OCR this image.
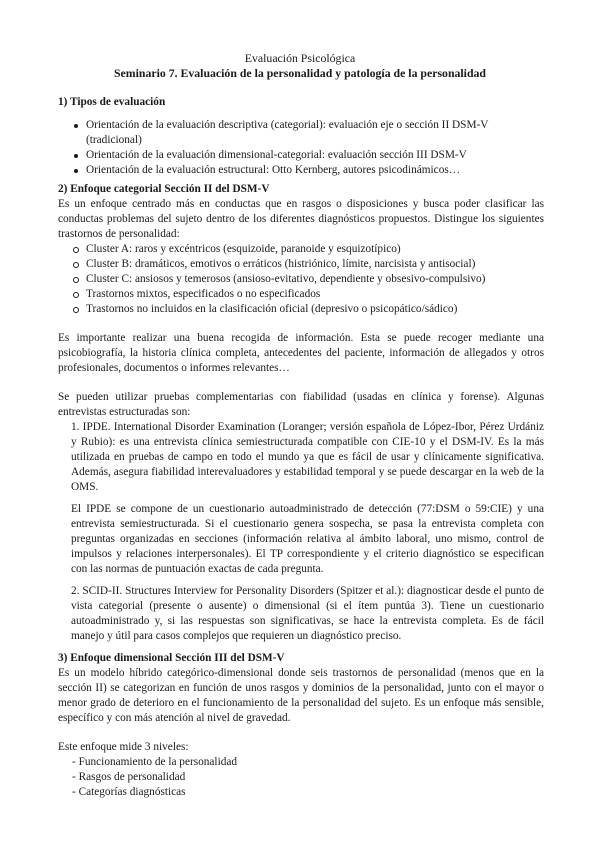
Evaluación Psicológica
Seminario 7. Evaluación de la personalidad y patología de la personalidad

1) Tipos de evaluación

Orientación de la evaluación descriptiva (categorial): evaluación eje o sección II DSM-V (tradicional)
Orientación de la evaluación dimensional-categorial: evaluación sección III DSM-V
Orientación de la evaluación estructural: Otto Kernberg, autores psicodinámicos…

2) Enfoque categorial Sección II del DSM-V

Es un enfoque centrado más en conductas que en rasgos o disposiciones y busca poder clasificar las conductas problemas del sujeto dentro de los diferentes diagnósticos propuestos. Distingue los siguientes trastornos de personalidad:

Cluster A: raros y excéntricos (esquizoide, paranoide y esquizotípico)
Cluster B: dramáticos, emotivos o erráticos (histriónico, límite, narcisista y antisocial)
Cluster C: ansiosos y temerosos (ansioso-evitativo, dependiente y obsesivo-compulsivo)
Trastornos mixtos, especificados o no especificados
Trastornos no incluidos en la clasificación oficial (depresivo o psicopático/sádico)

Es importante realizar una buena recogida de información. Esta se puede recoger mediante una psicobiografía, la historia clínica completa, antecedentes del paciente, información de allegados y otros profesionales, documentos o informes relevantes…

Se pueden utilizar pruebas complementarias con fiabilidad (usadas en clínica y forense). Algunas entrevistas estructuradas son:

1. IPDE. International Disorder Examination (Loranger; versión española de López-Ibor, Pérez Urdániz y Rubio): es una entrevista clínica semiestructurada compatible con CIE-10 y el DSM-IV. Es la más utilizada en pruebas de campo en todo el mundo ya que es fácil de usar y clínicamente significativa. Además, asegura fiabilidad interevaluadores y estabilidad temporal y se puede descargar en la web de la OMS.

El IPDE se compone de un cuestionario autoadministrado de detección (77:DSM o 59:CIE) y una entrevista semiestructurada. Si el cuestionario genera sospecha, se pasa la entrevista completa con preguntas organizadas en secciones (información relativa al ámbito laboral, uno mismo, control de impulsos y relaciones interpersonales). El TP correspondiente y el criterio diagnóstico se especifican con las normas de puntuación exactas de cada pregunta.

2. SCID-II. Structures Interview for Personality Disorders (Spitzer et al.): diagnosticar desde el punto de vista categorial (presente o ausente) o dimensional (si el ítem puntúa 3). Tiene un cuestionario autoadministrado y, si las respuestas son significativas, se hace la entrevista completa. Es de fácil manejo y útil para casos complejos que requieren un diagnóstico preciso.

3) Enfoque dimensional Sección III del DSM-V

Es un modelo híbrido categórico-dimensional donde seis trastornos de personalidad (menos que en la sección II) se categorizan en función de unos rasgos y dominios de la personalidad, junto con el mayor o menor grado de deterioro en el funcionamiento de la personalidad del sujeto. Es un enfoque más sensible, específico y con más atención al nivel de gravedad.

Este enfoque mide 3 niveles:

- Funcionamiento de la personalidad
- Rasgos de personalidad
- Categorías diagnósticas
